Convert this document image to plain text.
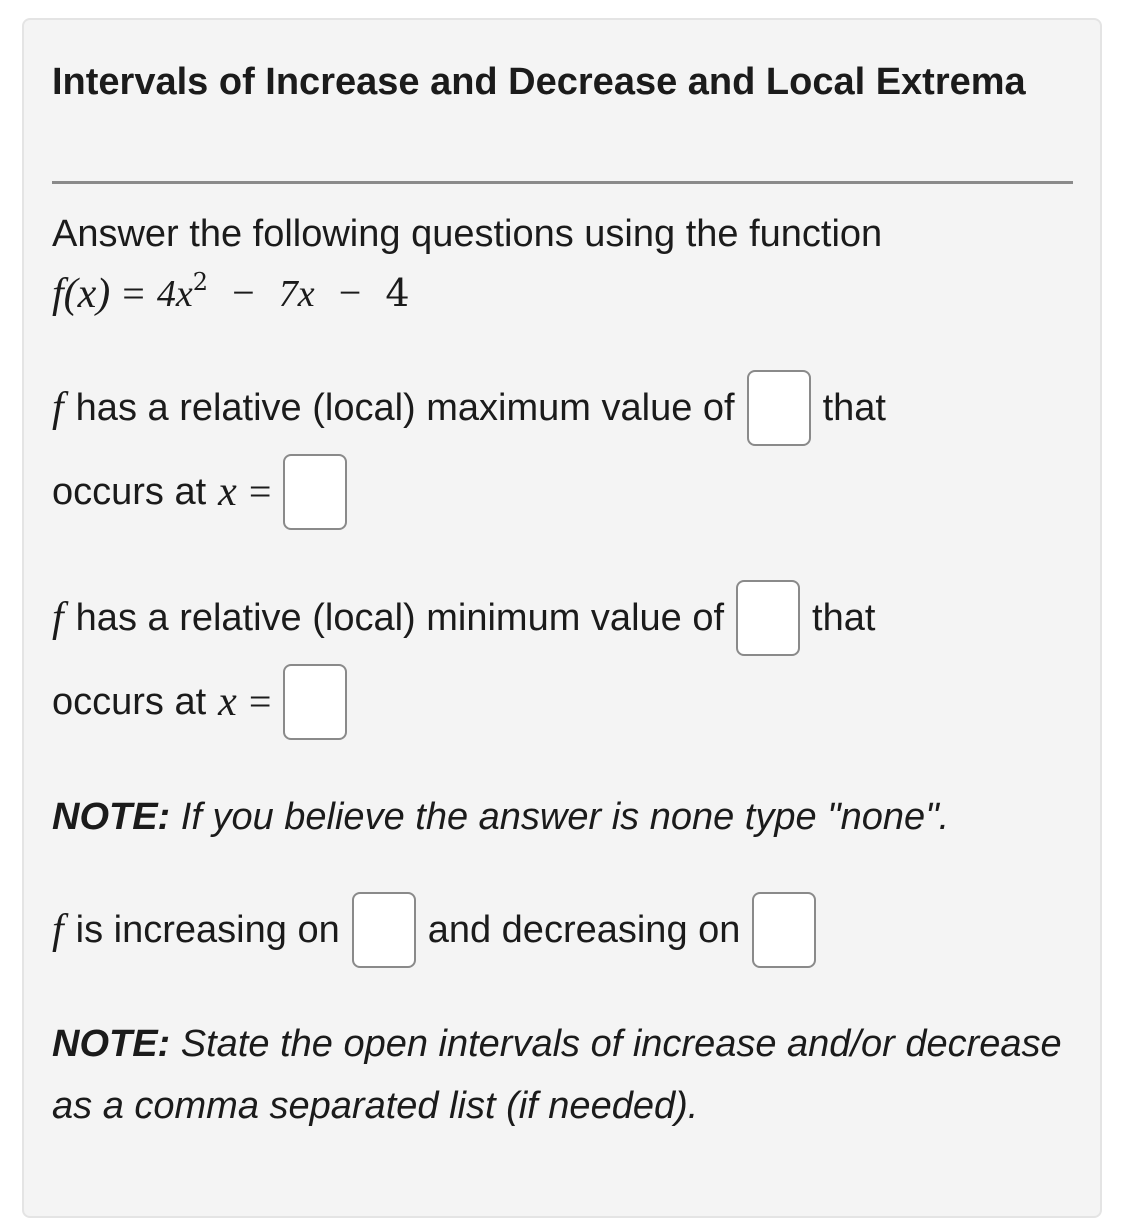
Intervals of Increase and Decrease and Local Extrema
Answer the following questions using the function
$f(x) = 4x^2 - 7x - 4$
f has a relative (local) maximum value of that
occurs at x =
f has a relative (local) minimum value of that
occurs at x =

NOTE: If you believe the answer is none type "none".

f is increasing on and decreasing on

NOTE: State the open intervals of increase and/or decrease as a comma separated list (if needed).
